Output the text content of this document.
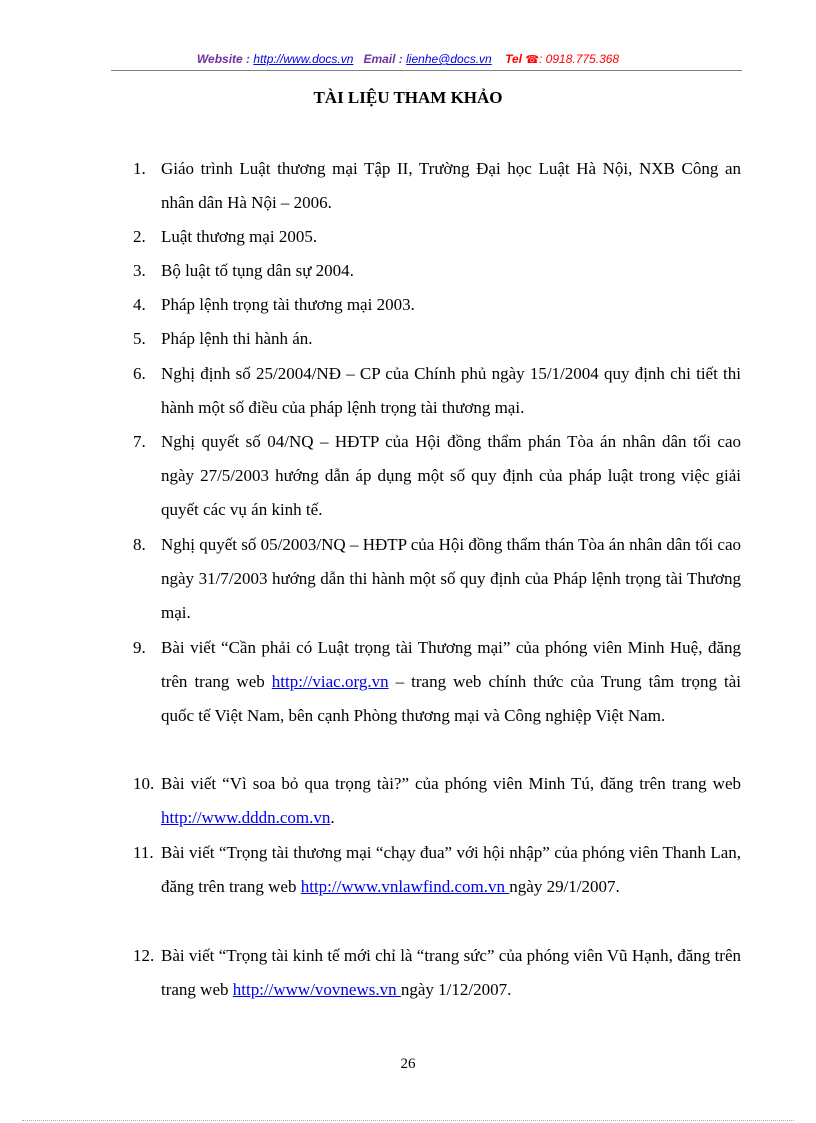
Website : http://www.docs.vn Email : lienhe@docs.vn Tel ☎: 0918.775.368
TÀI LIỆU THAM KHẢO
1. Giáo trình Luật thương mại Tập II, Trường Đại học Luật Hà Nội, NXB Công an nhân dân Hà Nội – 2006.
2. Luật thương mại 2005.
3. Bộ luật tố tụng dân sự 2004.
4. Pháp lệnh trọng tài thương mại 2003.
5. Pháp lệnh thi hành án.
6. Nghị định số 25/2004/NĐ – CP của Chính phủ ngày 15/1/2004 quy định chi tiết thi hành một số điều của pháp lệnh trọng tài thương mại.
7. Nghị quyết số 04/NQ – HĐTP của Hội đồng thẩm phán Tòa án nhân dân tối cao ngày 27/5/2003 hướng dẫn áp dụng một số quy định của pháp luật trong việc giải quyết các vụ án kinh tế.
8. Nghị quyết số 05/2003/NQ – HĐTP của Hội đồng thẩm thán Tòa án nhân dân tối cao ngày 31/7/2003 hướng dẫn thi hành một số quy định của Pháp lệnh trọng tài Thương mại.
9. Bài viết “Cần phải có Luật trọng tài Thương mại” của phóng viên Minh Huệ, đăng trên trang web http://viac.org.vn – trang web chính thức của Trung tâm trọng tài quốc tế Việt Nam, bên cạnh Phòng thương mại và Công nghiệp Việt Nam.
10. Bài viết “Vì soa bỏ qua trọng tài?” của phóng viên Minh Tú, đăng trên trang web http://www.dddn.com.vn.
11. Bài viết “Trọng tài thương mại “chạy đua” với hội nhập” của phóng viên Thanh Lan, đăng trên trang web http://www.vnlawfind.com.vn ngày 29/1/2007.
12. Bài viết “Trọng tài kinh tế mới chỉ là “trang sức” của phóng viên Vũ Hạnh, đăng trên trang web http://www/vovnews.vn ngày 1/12/2007.
26
